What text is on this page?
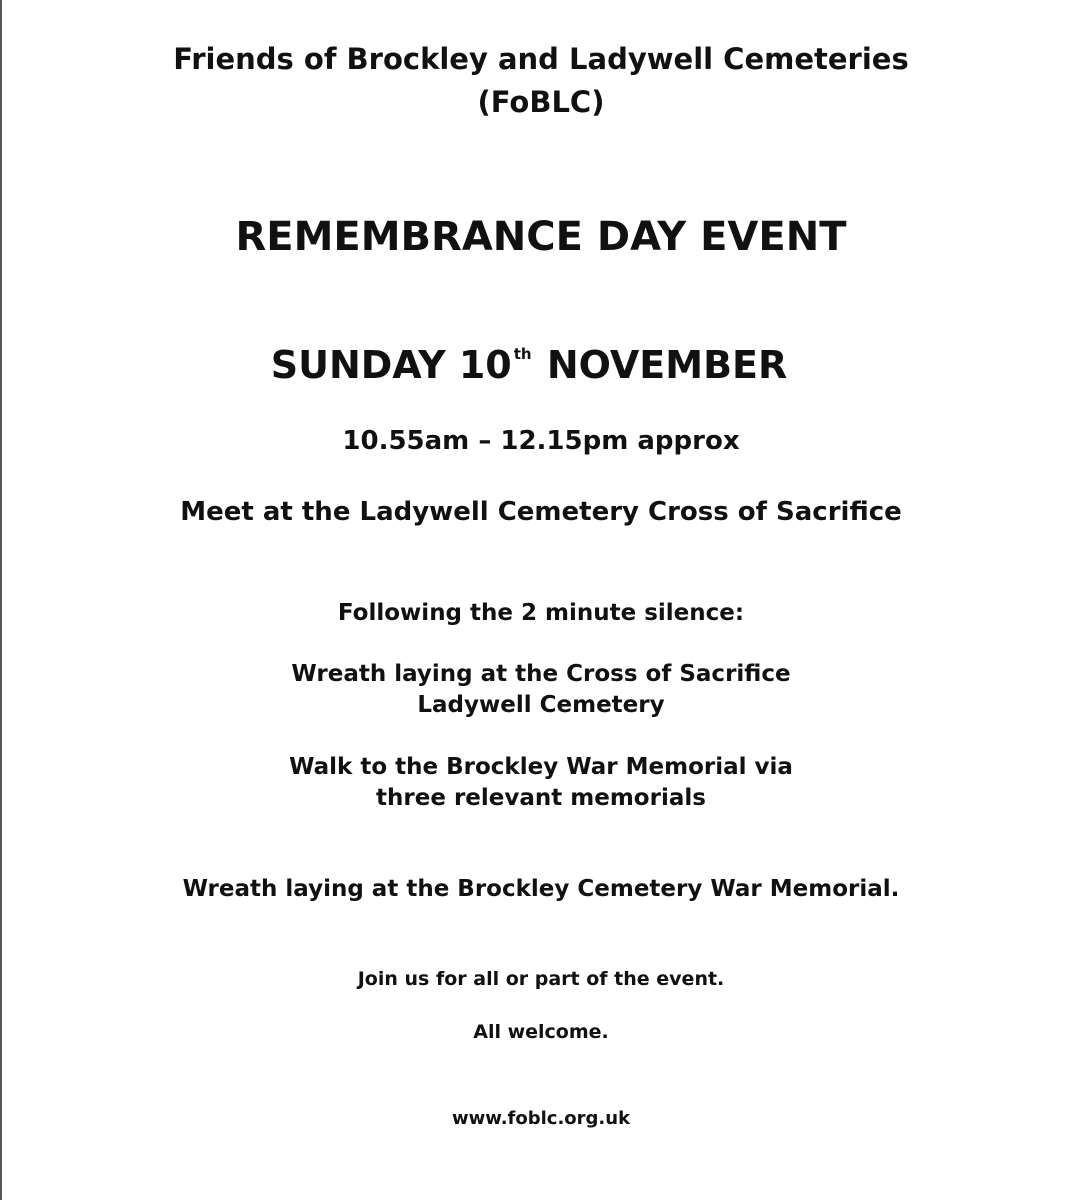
Friends of Brockley and Ladywell Cemeteries
(FoBLC)
REMEMBRANCE DAY EVENT
SUNDAY 10 $^{th}$ NOVEMBER
10.55am – 12.15pm approx
Meet at the Ladywell Cemetery Cross of Sacrifice
Following the 2 minute silence:
Wreath laying at the Cross of Sacrifice
Ladywell Cemetery
Walk to the Brockley War Memorial via
three relevant memorials
Wreath laying at the Brockley Cemetery War Memorial.
Join us for all or part of the event.
All welcome.
www.foblc.org.uk
